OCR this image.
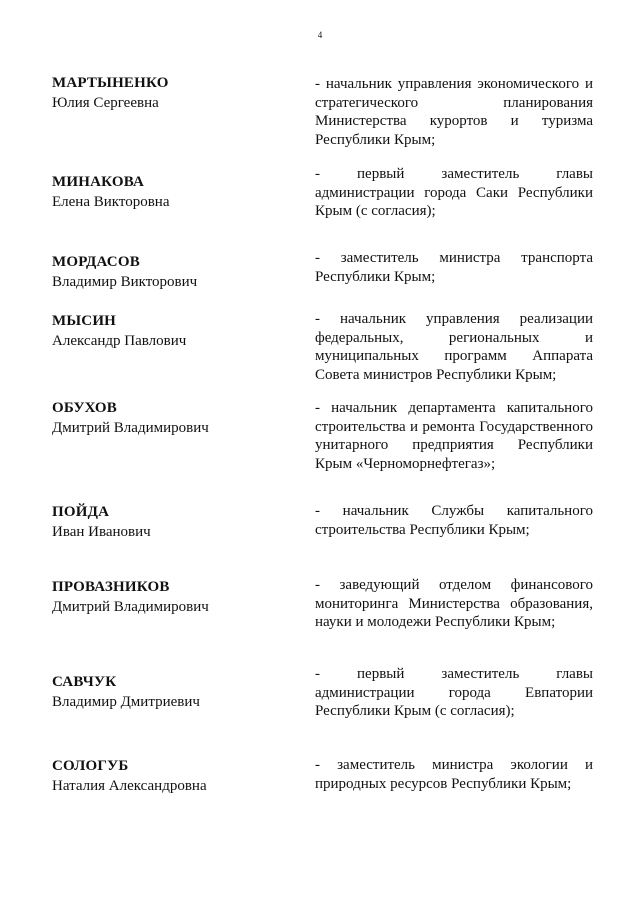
4
МАРТЫНЕНКО
Юлия Сергеевна
- начальник управления экономического и стратегического планирования Министерства курортов и туризма Республики Крым;
МИНАКОВА
Елена Викторовна
- первый заместитель главы администрации города Саки Республики Крым (с согласия);
МОРДАСОВ
Владимир Викторович
- заместитель министра транспорта Республики Крым;
МЫСИН
Александр Павлович
- начальник управления реализации федеральных, региональных и муниципальных программ Аппарата Совета министров Республики Крым;
ОБУХОВ
Дмитрий Владимирович
- начальник департамента капитального строительства и ремонта Государственного унитарного предприятия Республики Крым «Черноморнефтегаз»;
ПОЙДА
Иван Иванович
- начальник Службы капитального строительства Республики Крым;
ПРОВАЗНИКОВ
Дмитрий Владимирович
- заведующий отделом финансового мониторинга Министерства образования, науки и молодежи Республики Крым;
САВЧУК
Владимир Дмитриевич
- первый заместитель главы администрации города Евпатории Республики Крым (с согласия);
СОЛОГУБ
Наталия Александровна
- заместитель министра экологии и природных ресурсов Республики Крым;
